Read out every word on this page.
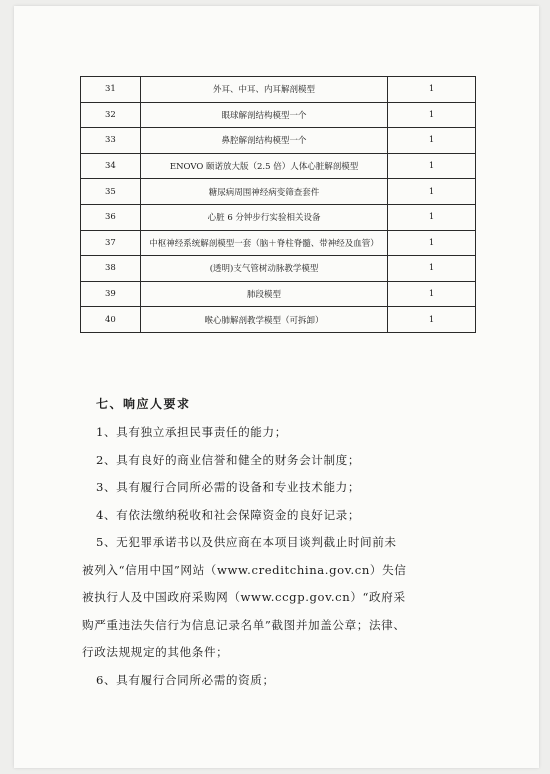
31	外耳、中耳、内耳解剖模型	1
32	眼球解剖结构模型一个	1
33	鼻腔解剖结构模型一个	1
34	ENOVO 颐诺放大版（2.5 倍）人体心脏解剖模型	1
35	糖尿病周围神经病变筛查套件	1
36	心脏 6 分钟步行实验相关设备	1
37	中枢神经系统解剖模型一套（脑＋脊柱脊髓、带神经及血管）	1
38	(透明)支气管树动脉教学模型	1
39	肺段模型	1
40	喉心肺解剖教学模型（可拆卸）	1
七、响应人要求
1、具有独立承担民事责任的能力；
2、具有良好的商业信誉和健全的财务会计制度；
3、具有履行合同所必需的设备和专业技术能力；
4、有依法缴纳税收和社会保障资金的良好记录；
5、无犯罪承诺书以及供应商在本项目谈判截止时间前未
被列入“信用中国”网站（www.creditchina.gov.cn）失信
被执行人及中国政府采购网（www.ccgp.gov.cn）“政府采
购严重违法失信行为信息记录名单”截图并加盖公章；法律、
行政法规规定的其他条件；
6、具有履行合同所必需的资质；
